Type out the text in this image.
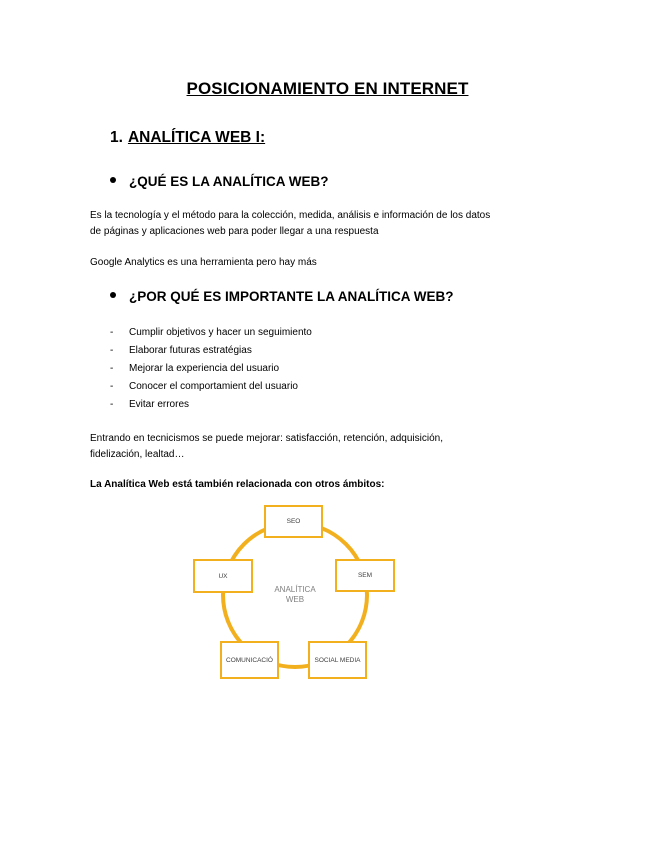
POSICIONAMIENTO EN INTERNET
1. ANALÍTICA WEB I:
¿QUÉ ES LA ANALÍTICA WEB?
Es la tecnología y el método para la colección, medida, análisis e información de los datos
de páginas y aplicaciones web para poder llegar a una respuesta
Google Analytics es una herramienta pero hay más
¿POR QUÉ ES IMPORTANTE LA ANALÍTICA WEB?
- Cumplir objetivos y hacer un seguimiento
- Elaborar futuras estratégias
- Mejorar la experiencia del usuario
- Conocer el comportamient del usuario
- Evitar errores
Entrando en tecnicismos se puede mejorar: satisfacción, retención, adquisición,
fidelización, lealtad…
La Analítica Web está también relacionada con otros ámbitos:
ANALÍTICA
WEB
SEO
SEM
SOCIAL MEDIA
COMUNICACIÓ
UX
